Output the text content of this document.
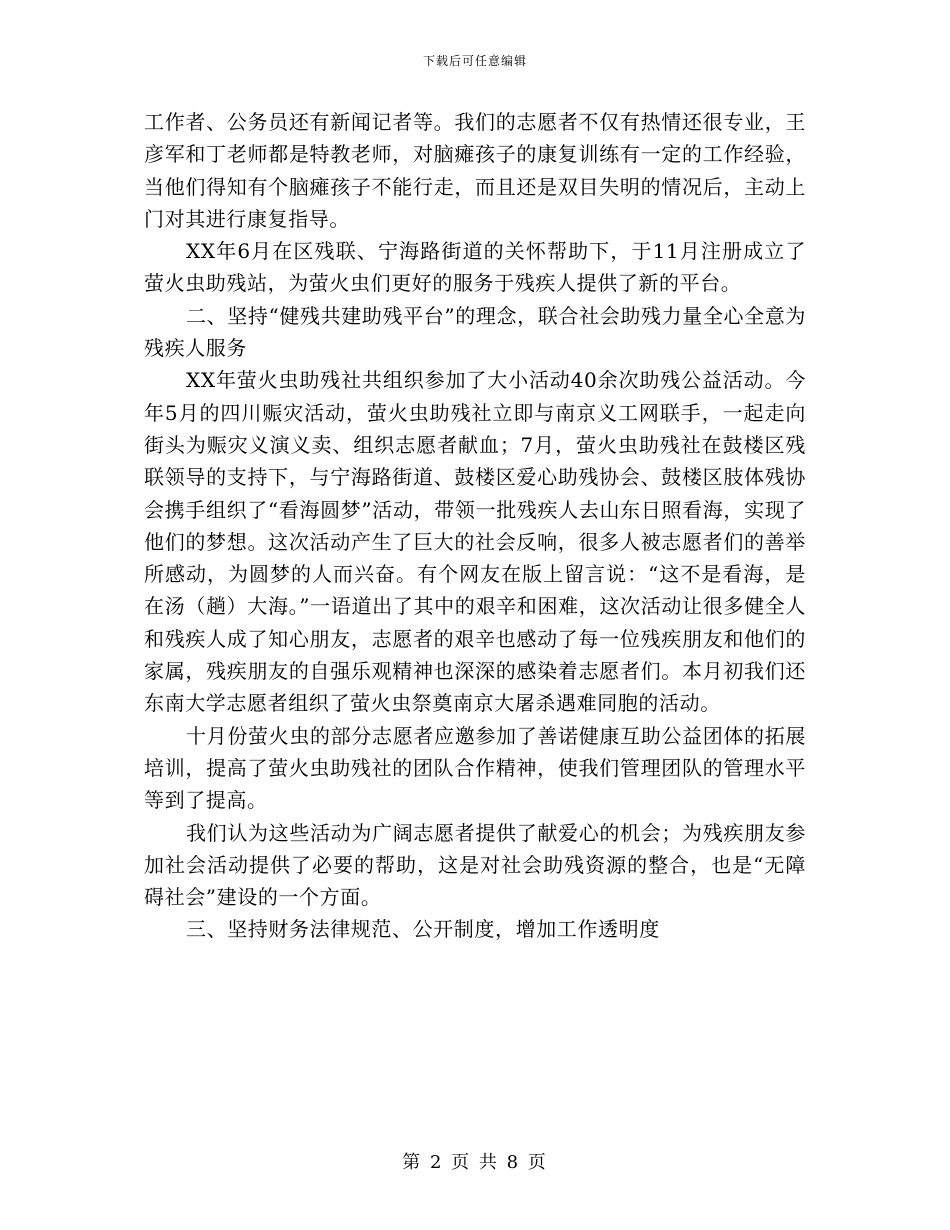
下载后可任意编辑

工作者、公务员还有新闻记者等。我们的志愿者不仅有热情还很专业，王彦军和丁老师都是特教老师，对脑瘫孩子的康复训练有一定的工作经验，当他们得知有个脑瘫孩子不能行走，而且还是双目失明的情况后，主动上门对其进行康复指导。

XX年6月在区残联、宁海路街道的关怀帮助下，于11月注册成立了萤火虫助残站，为萤火虫们更好的服务于残疾人提供了新的平台。

二、坚持“健残共建助残平台”的理念，联合社会助残力量全心全意为残疾人服务

XX年萤火虫助残社共组织参加了大小活动40余次助残公益活动。今年5月的四川赈灾活动，萤火虫助残社立即与南京义工网联手，一起走向街头为赈灾义演义卖、组织志愿者献血；7月，萤火虫助残社在鼓楼区残联领导的支持下，与宁海路街道、鼓楼区爱心助残协会、鼓楼区肢体残协会携手组织了“看海圆梦”活动，带领一批残疾人去山东日照看海，实现了他们的梦想。这次活动产生了巨大的社会反响，很多人被志愿者们的善举所感动，为圆梦的人而兴奋。有个网友在版上留言说：“这不是看海，是在汤（趟）大海。”一语道出了其中的艰辛和困难，这次活动让很多健全人和残疾人成了知心朋友，志愿者的艰辛也感动了每一位残疾朋友和他们的家属，残疾朋友的自强乐观精神也深深的感染着志愿者们。本月初我们还东南大学志愿者组织了萤火虫祭奠南京大屠杀遇难同胞的活动。

十月份萤火虫的部分志愿者应邀参加了善诺健康互助公益团体的拓展培训，提高了萤火虫助残社的团队合作精神，使我们管理团队的管理水平等到了提高。

我们认为这些活动为广阔志愿者提供了献爱心的机会；为残疾朋友参加社会活动提供了必要的帮助，这是对社会助残资源的整合，也是“无障碍社会”建设的一个方面。

三、坚持财务法律规范、公开制度，增加工作透明度

第 2 页 共 8 页
